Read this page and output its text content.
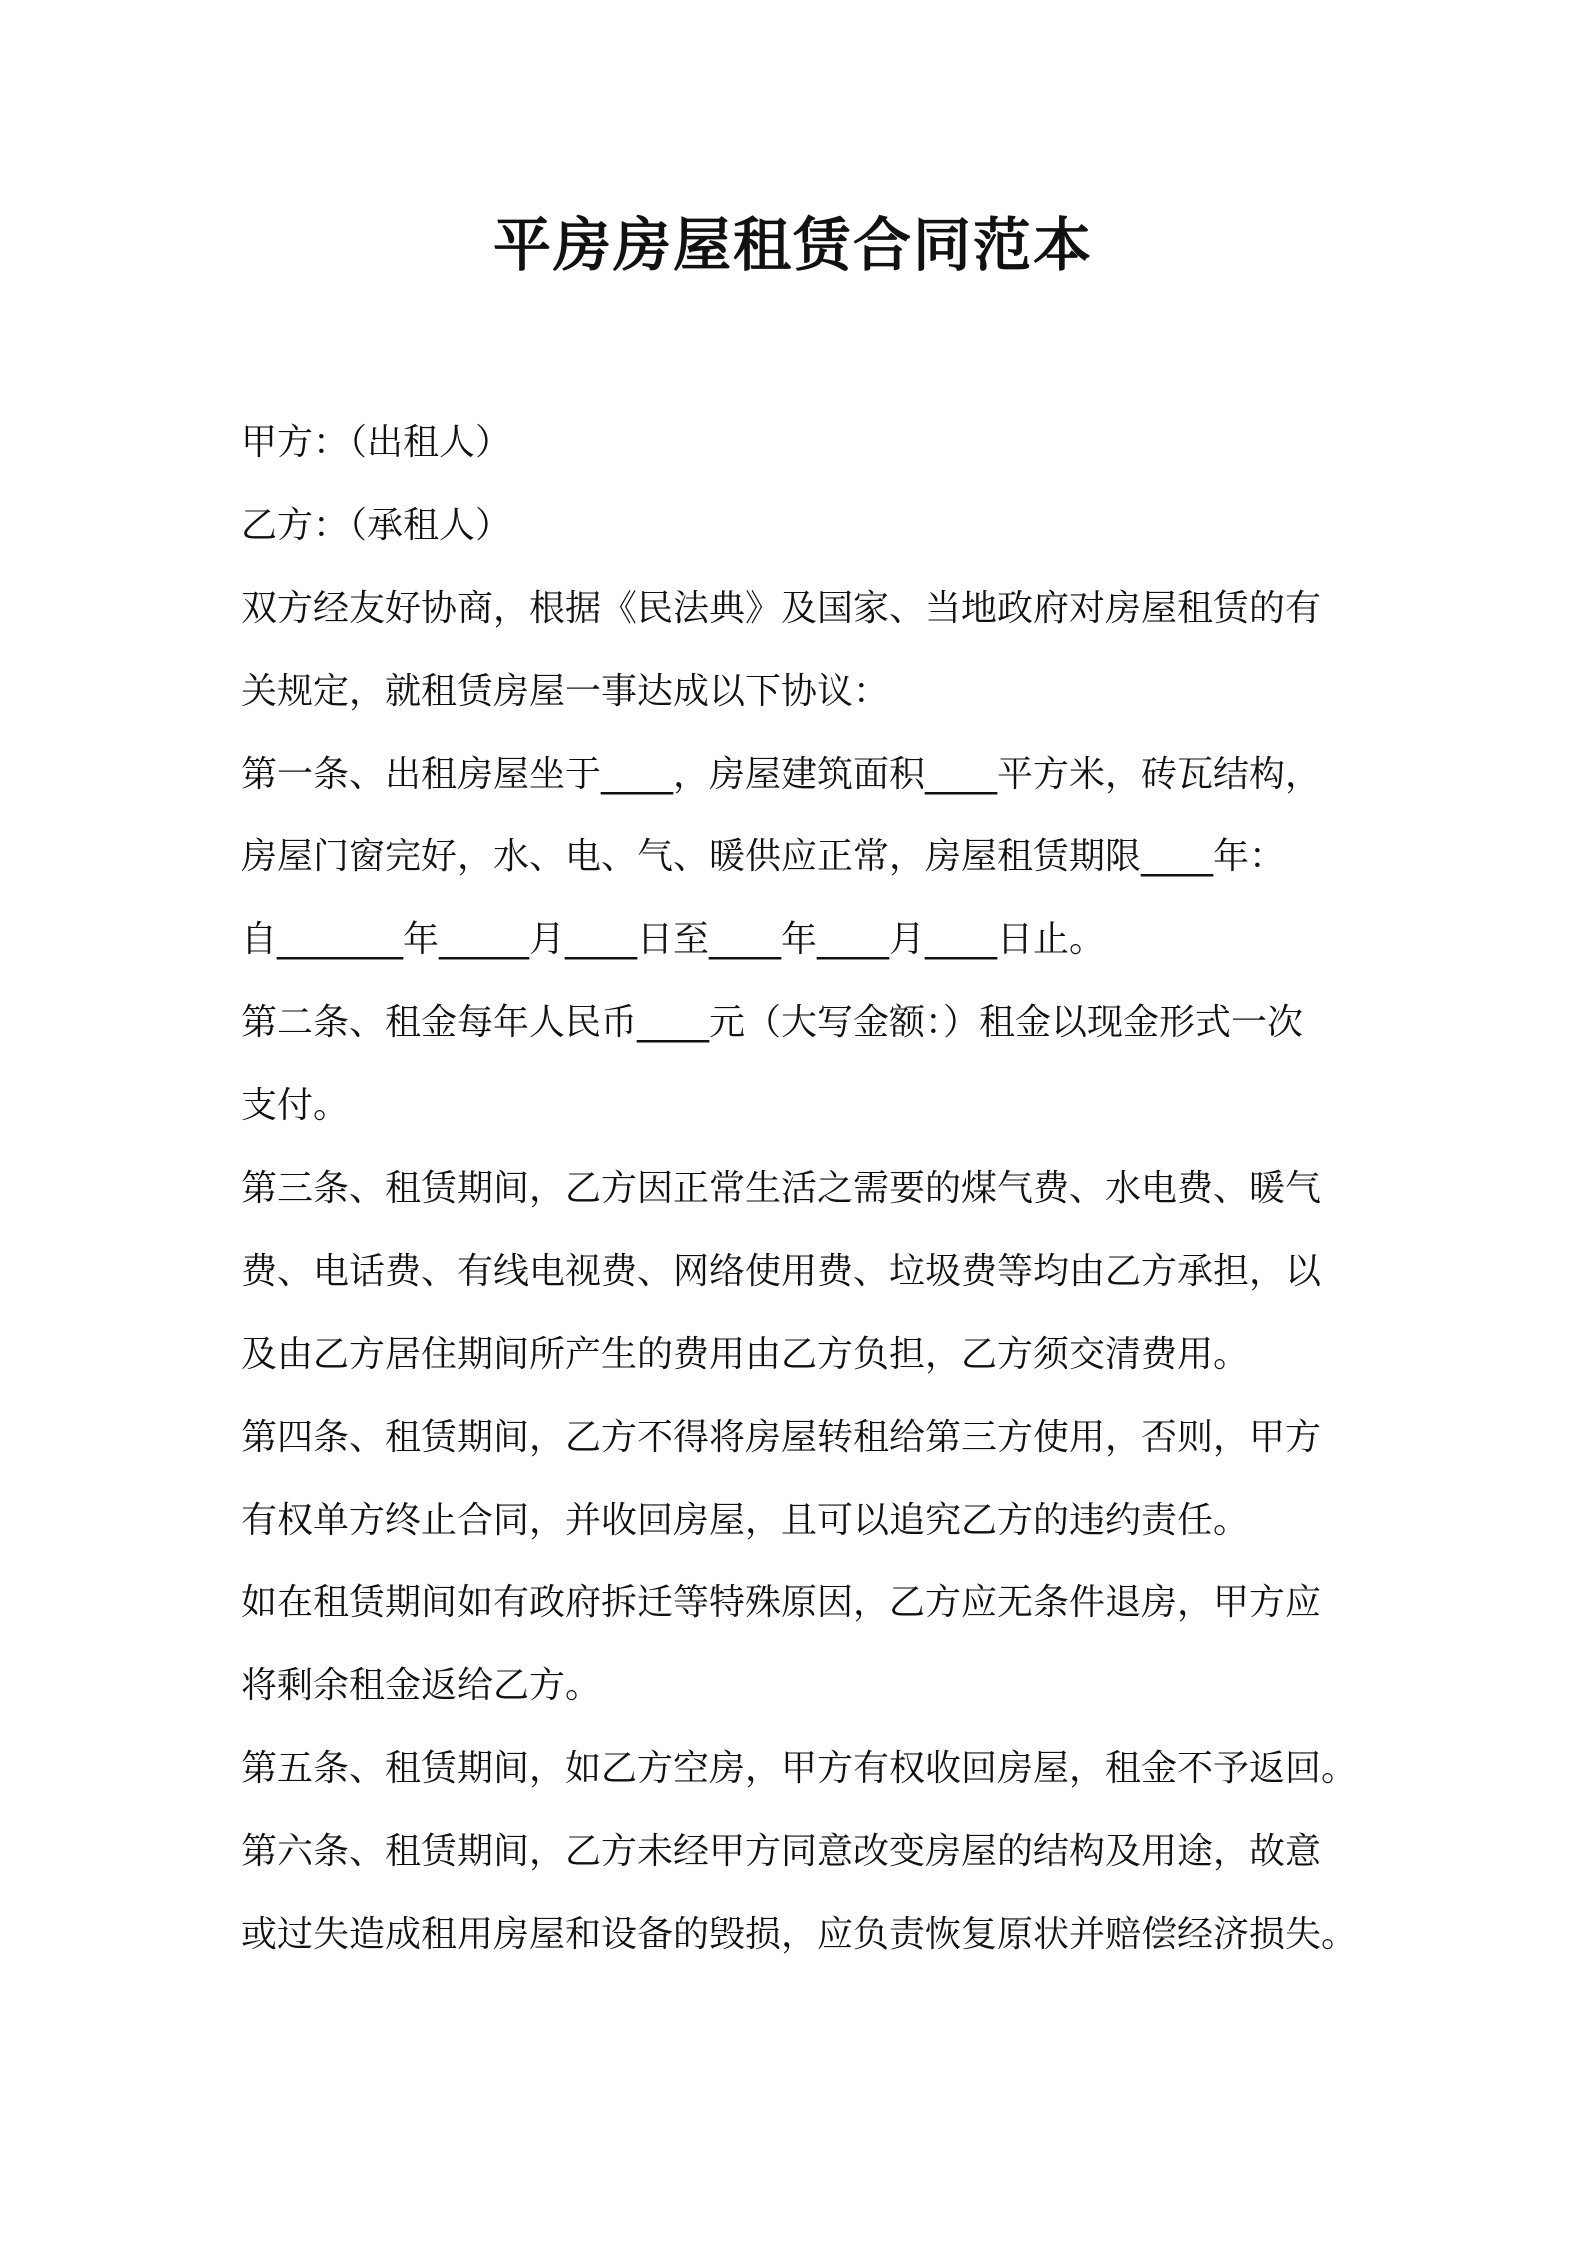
平房房屋租赁合同范本
甲方：（出租人）
乙方：（承租人）
双方经友好协商，根据《民法典》及国家、当地政府对房屋租赁的有
关规定，就租赁房屋一事达成以下协议：
第一条、出租房屋坐于____，房屋建筑面积____平方米，砖瓦结构，
房屋门窗完好，水、电、气、暖供应正常，房屋租赁期限____年：
自_______年_____月____日至____年____月____日止。
第二条、租金每年人民币____元（大写金额：）租金以现金形式一次
支付。
第三条、租赁期间，乙方因正常生活之需要的煤气费、水电费、暖气
费、电话费、有线电视费、网络使用费、垃圾费等均由乙方承担，以
及由乙方居住期间所产生的费用由乙方负担，乙方须交清费用。
第四条、租赁期间，乙方不得将房屋转租给第三方使用，否则，甲方
有权单方终止合同，并收回房屋，且可以追究乙方的违约责任。
如在租赁期间如有政府拆迁等特殊原因，乙方应无条件退房，甲方应
将剩余租金返给乙方。
第五条、租赁期间，如乙方空房，甲方有权收回房屋，租金不予返回。
第六条、租赁期间，乙方未经甲方同意改变房屋的结构及用途，故意
或过失造成租用房屋和设备的毁损，应负责恢复原状并赔偿经济损失。
